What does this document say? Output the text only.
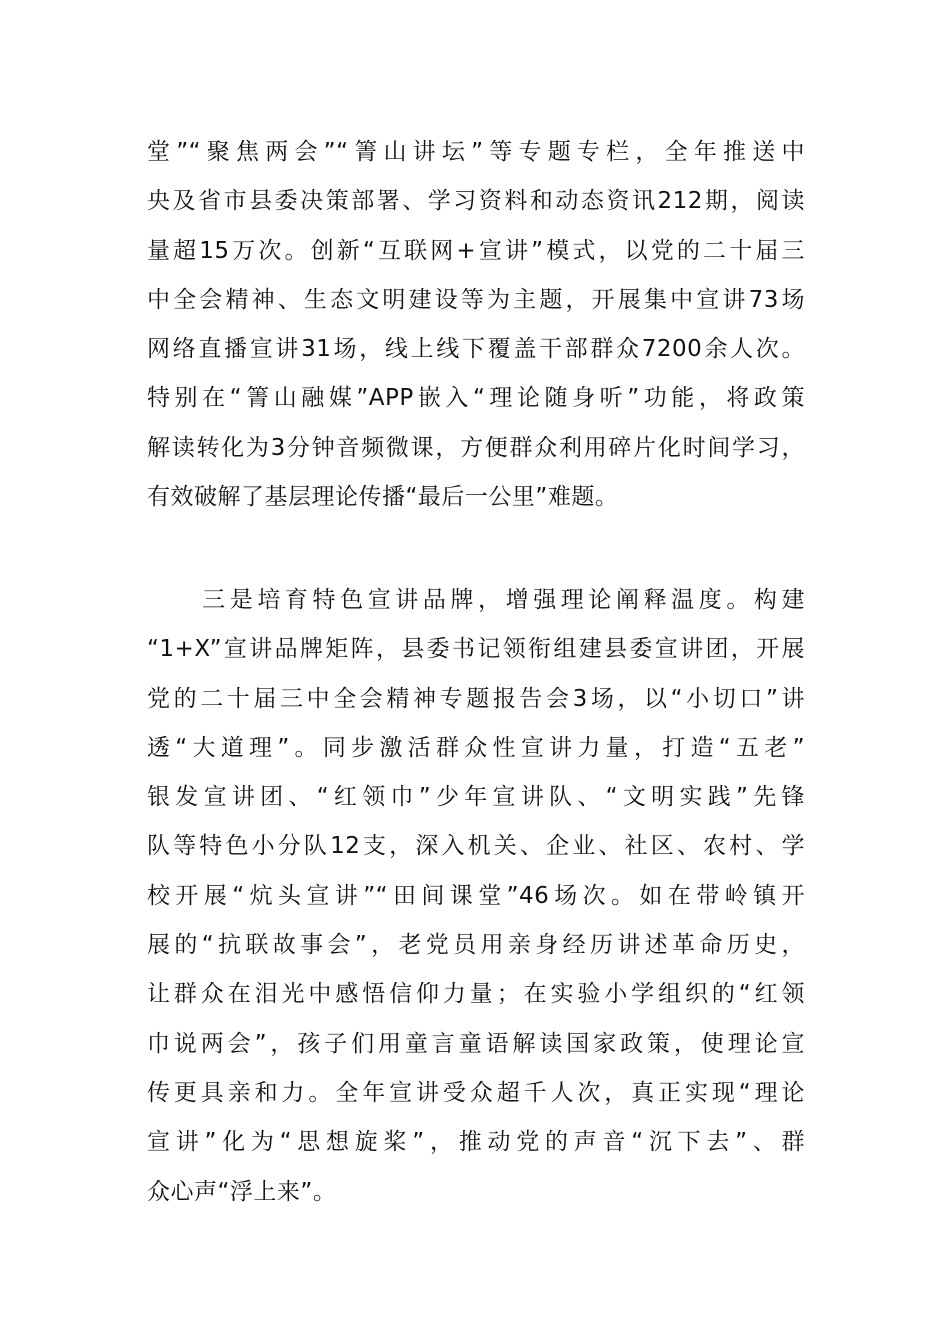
堂”“聚焦两会”“箐山讲坛”等专题专栏，全年推送中
央及省市县委决策部署、学习资料和动态资讯212期，阅读
量超15万次。创新“互联网+宣讲”模式，以党的二十届三
中全会精神、生态文明建设等为主题，开展集中宣讲73场
网络直播宣讲31场，线上线下覆盖干部群众7200余人次。
特别在“箐山融媒”APP嵌入“理论随身听”功能，将政策
解读转化为3分钟音频微课，方便群众利用碎片化时间学习，
有效破解了基层理论传播“最后一公里”难题。
　　三是培育特色宣讲品牌，增强理论阐释温度。构建
“1+X”宣讲品牌矩阵，县委书记领衔组建县委宣讲团，开展
党的二十届三中全会精神专题报告会3场，以“小切口”讲
透“大道理”。同步激活群众性宣讲力量，打造“五老”
银发宣讲团、“红领巾”少年宣讲队、“文明实践”先锋
队等特色小分队12支，深入机关、企业、社区、农村、学
校开展“炕头宣讲”“田间课堂”46场次。如在带岭镇开
展的“抗联故事会”，老党员用亲身经历讲述革命历史，
让群众在泪光中感悟信仰力量；在实验小学组织的“红领
巾说两会”，孩子们用童言童语解读国家政策，使理论宣
传更具亲和力。全年宣讲受众超千人次，真正实现“理论
宣讲”化为“思想旋桨”，推动党的声音“沉下去”、群
众心声“浮上来”。
